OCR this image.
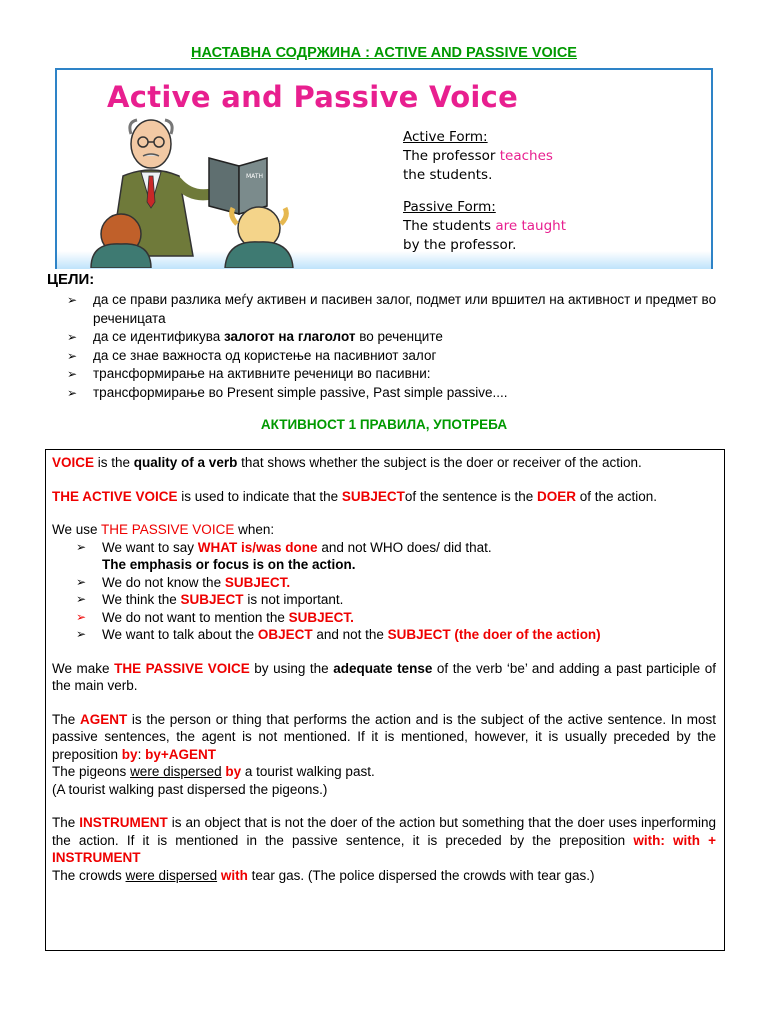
НАСТАВНА СОДРЖИНА : ACTIVE AND PASSIVE VOICE
Active and Passive Voice
MATH
Active Form:
The professor teaches
the students.
Passive Form:
The students are taught
by the professor.
ЦЕЛИ:
➢ да се прави разлика меѓу активен и пасивен залог, подмет или вршител на активност и предмет во реченицата
➢ да се идентификува залогот на глаголот во реченците
➢ да се знае важноста од користење на пасивниот залог
➢ трансформирање на активните реченици во пасивни:
➢ трансформирање во Present simple passive, Past simple passive....
АКТИВНОСТ 1 ПРАВИЛА, УПОТРЕБА

VOICE is the quality of a verb that shows whether the subject is the doer or receiver of the action.

THE ACTIVE VOICE is used to indicate that the SUBJECTof the sentence is the DOER of the action.

We use THE PASSIVE VOICE when:

➢ We want to say WHAT is/was done and not WHO does/ did that.
The emphasis or focus is on the action.
➢ We do not know the SUBJECT.
➢ We think the SUBJECT is not important.
➢ We do not want to mention the SUBJECT.
➢ We want to talk about the OBJECT and not the SUBJECT (the doer of the action)

We make THE PASSIVE VOICE by using the adequate tense of the verb ‘be’ and adding a past participle of the main verb.

The AGENT is the person or thing that performs the action and is the subject of the active sentence. In most passive sentences, the agent is not mentioned. If it is mentioned, however, it is usually preceded by the preposition by: by+AGENT
The pigeons were dispersed by a tourist walking past.
(A tourist walking past dispersed the pigeons.)

The INSTRUMENT is an object that is not the doer of the action but something that the doer uses inperforming the action. If it is mentioned in the passive sentence, it is preceded by the preposition with: with + INSTRUMENT
The crowds were dispersed with tear gas. (The police dispersed the crowds with tear gas.)
